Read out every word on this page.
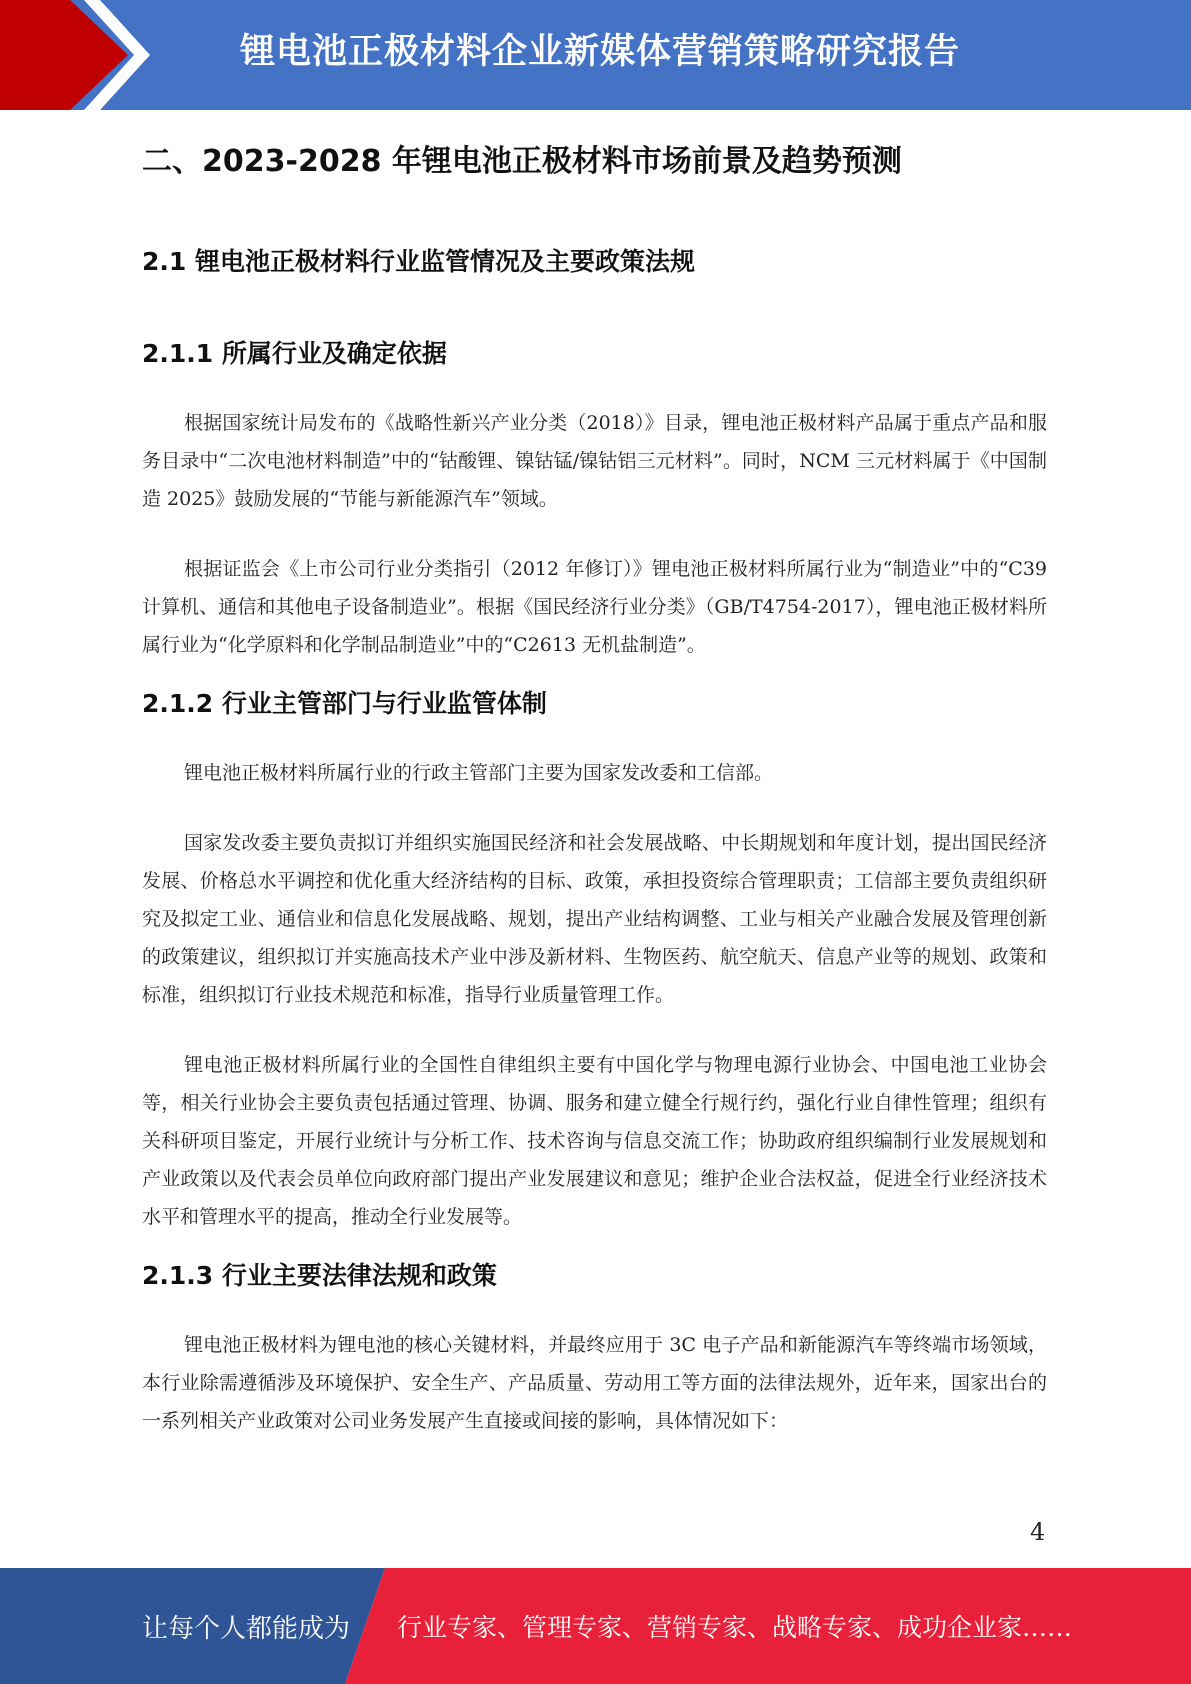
锂电池正极材料企业新媒体营销策略研究报告
二、2023-2028 年锂电池正极材料市场前景及趋势预测
2.1 锂电池正极材料行业监管情况及主要政策法规
2.1.1 所属行业及确定依据

根据国家统计局发布的《战略性新兴产业分类（2018）》目录，锂电池正极材料产品属于重点产品和服务目录中“二次电池材料制造”中的“钴酸锂、镍钴锰/镍钴铝三元材料”。同时，NCM 三元材料属于《中国制造 2025》鼓励发展的“节能与新能源汽车”领域。

根据证监会《上市公司行业分类指引（2012 年修订）》锂电池正极材料所属行业为“制造业”中的“C39 计算机、通信和其他电子设备制造业”。根据《国民经济行业分类》（GB/T4754-2017），锂电池正极材料所属行业为“化学原料和化学制品制造业”中的“C2613 无机盐制造”。

2.1.2 行业主管部门与行业监管体制

锂电池正极材料所属行业的行政主管部门主要为国家发改委和工信部。

国家发改委主要负责拟订并组织实施国民经济和社会发展战略、中长期规划和年度计划，提出国民经济发展、价格总水平调控和优化重大经济结构的目标、政策，承担投资综合管理职责；工信部主要负责组织研究及拟定工业、通信业和信息化发展战略、规划，提出产业结构调整、工业与相关产业融合发展及管理创新的政策建议，组织拟订并实施高技术产业中涉及新材料、生物医药、航空航天、信息产业等的规划、政策和标准，组织拟订行业技术规范和标准，指导行业质量管理工作。

锂电池正极材料所属行业的全国性自律组织主要有中国化学与物理电源行业协会、中国电池工业协会等，相关行业协会主要负责包括通过管理、协调、服务和建立健全行规行约，强化行业自律性管理；组织有关科研项目鉴定，开展行业统计与分析工作、技术咨询与信息交流工作；协助政府组织编制行业发展规划和产业政策以及代表会员单位向政府部门提出产业发展建议和意见；维护企业合法权益，促进全行业经济技术水平和管理水平的提高，推动全行业发展等。

2.1.3 行业主要法律法规和政策

锂电池正极材料为锂电池的核心关键材料，并最终应用于 3C 电子产品和新能源汽车等终端市场领域，本行业除需遵循涉及环境保护、安全生产、产品质量、劳动用工等方面的法律法规外，近年来，国家出台的一系列相关产业政策对公司业务发展产生直接或间接的影响，具体情况如下：

4
让每个人都能成为 行业专家、管理专家、营销专家、战略专家、成功企业家……
